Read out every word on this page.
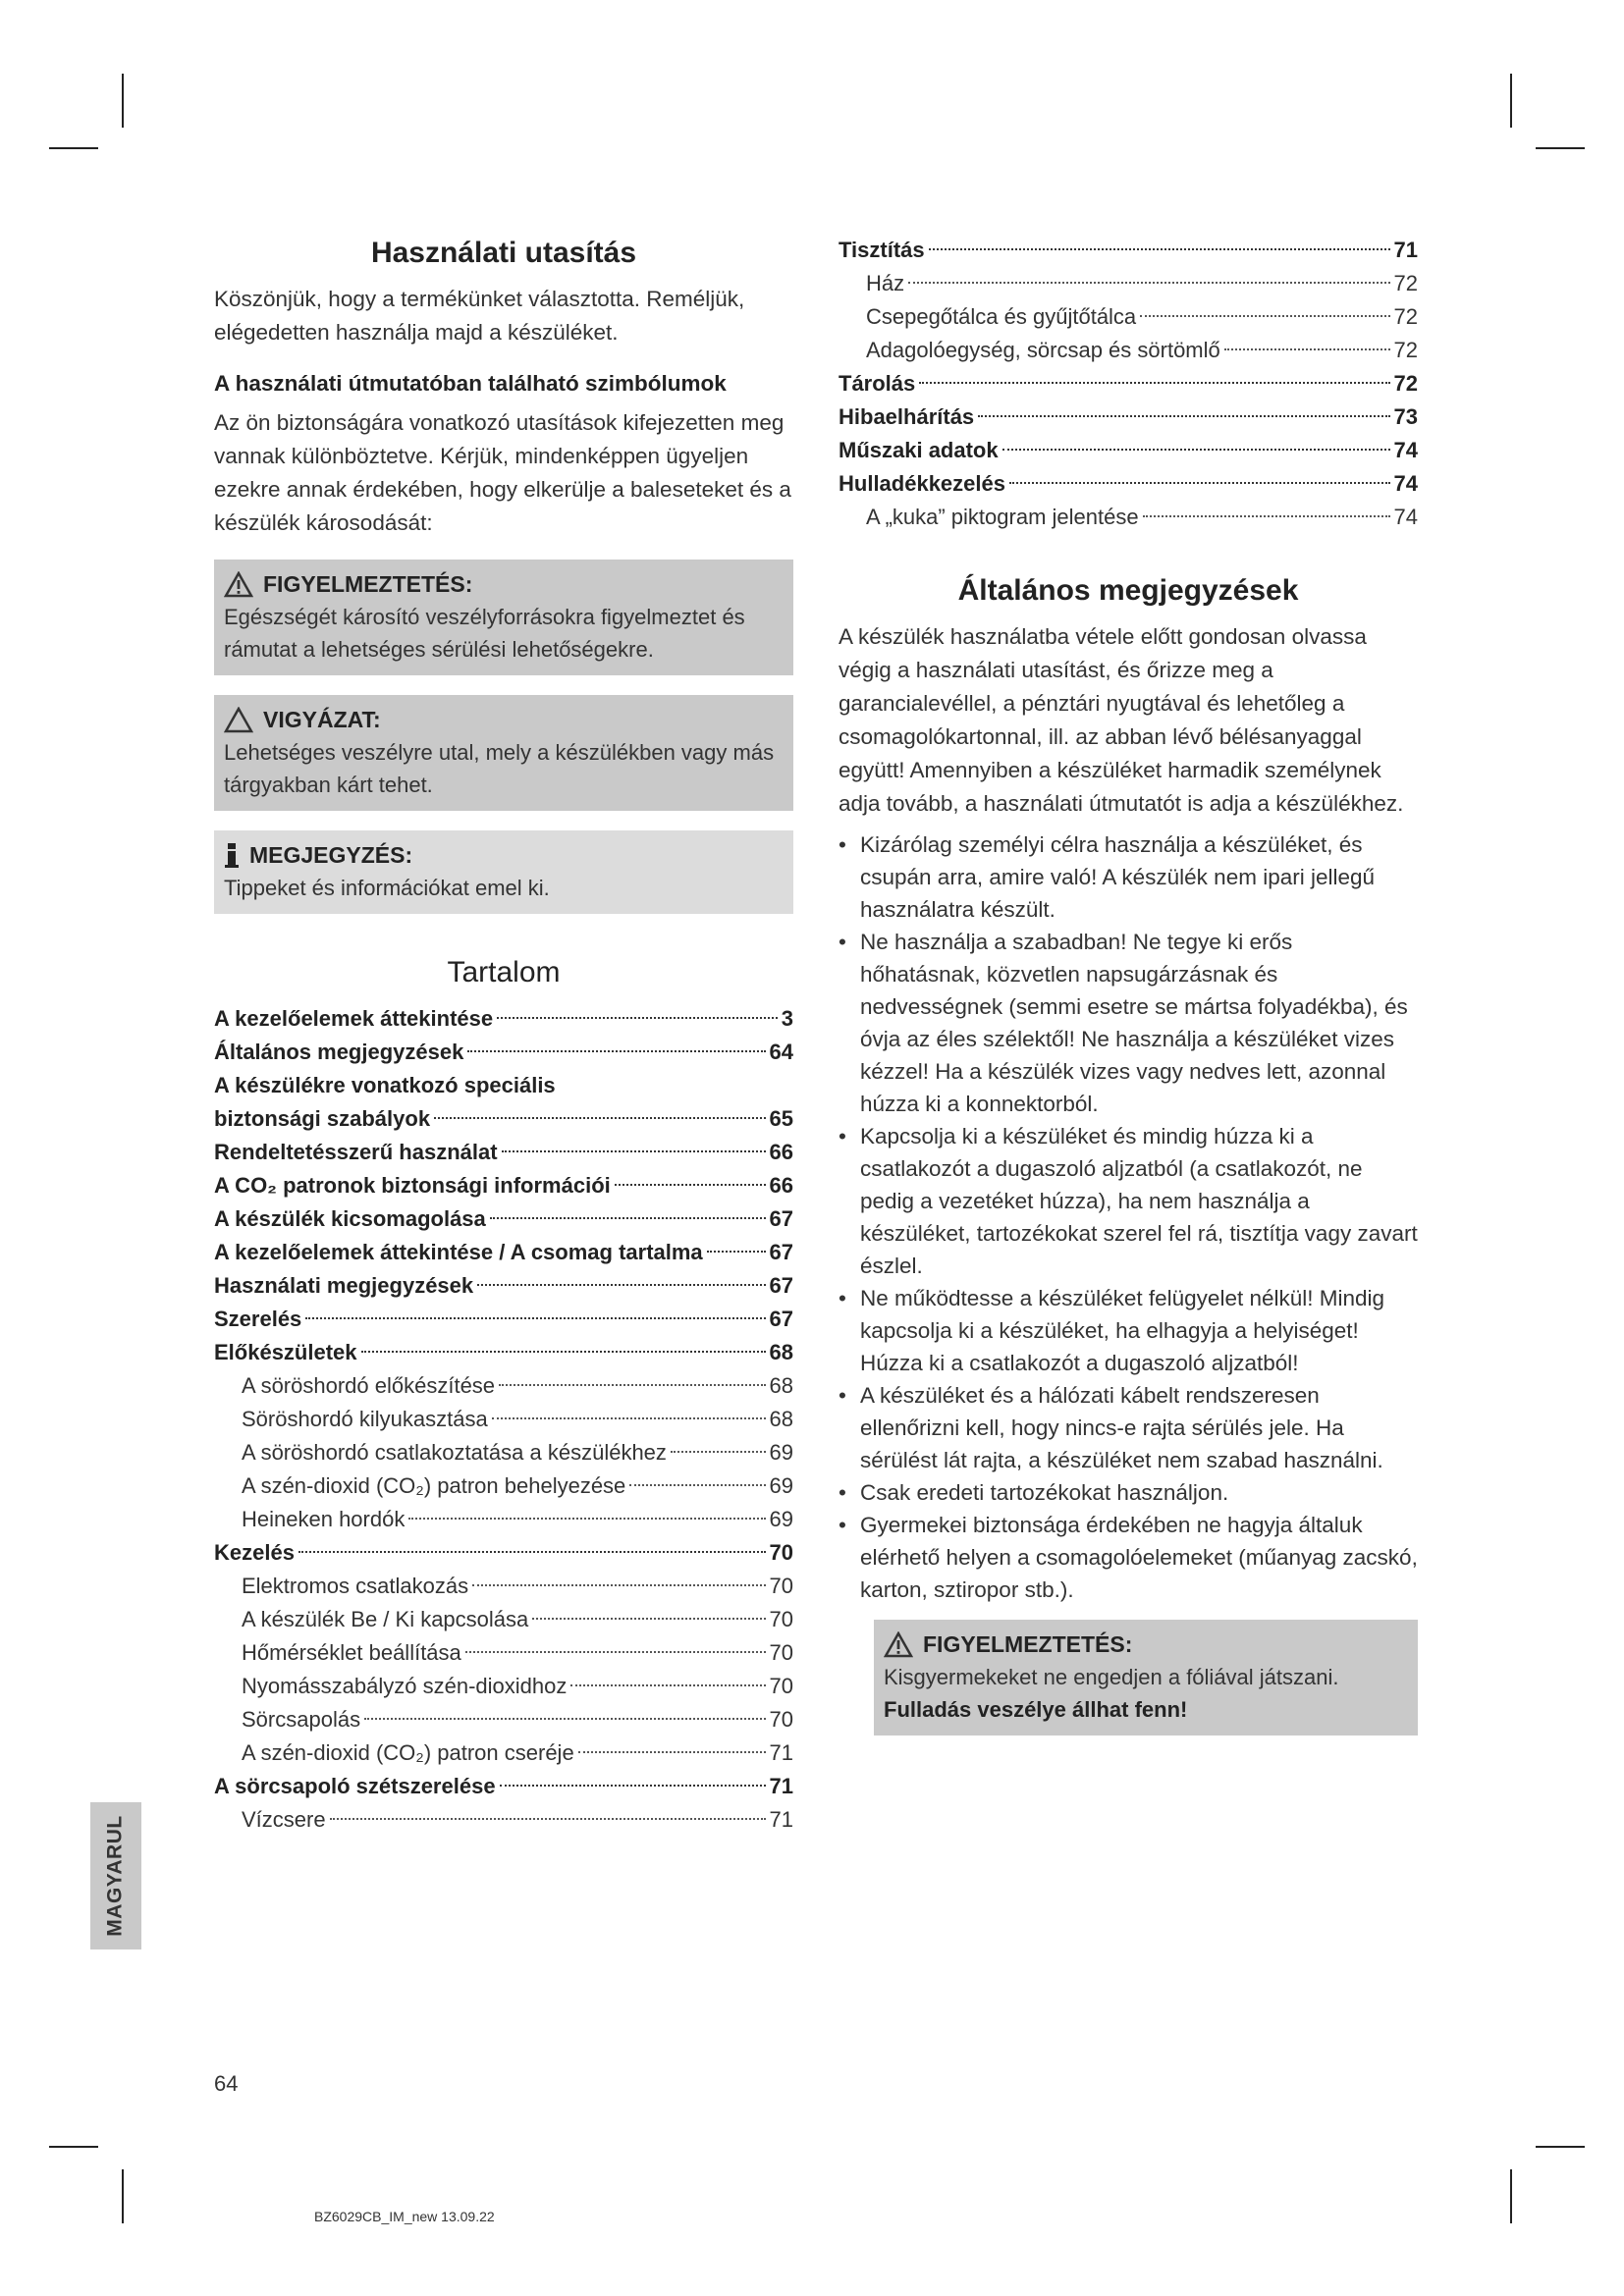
Használati utasítás

Köszönjük, hogy a termékünket választotta. Reméljük, elégedetten használja majd a készüléket.

A használati útmutatóban található szimbólumok

Az ön biztonságára vonatkozó utasítások kifejezetten meg vannak különböztetve. Kérjük, mindenképpen ügyeljen ezekre annak érdekében, hogy elkerülje a baleseteket és a készülék károsodását:

FIGYELMEZTETÉS:
Egészségét károsító veszélyforrásokra figyelmeztet és rámutat a lehetséges sérülési lehetőségekre.
VIGYÁZAT:
Lehetséges veszélyre utal, mely a készülékben vagy más tárgyakban kárt tehet.
MEGJEGYZÉS:
Tippeket és információkat emel ki.
Tartalom
A kezelőelemek áttekintése	3
Általános megjegyzések	64
A készülékre vonatkozó speciális
biztonsági szabályok	65
Rendeltetésszerű használat	66
A CO₂ patronok biztonsági információi	66
A készülék kicsomagolása	67
A kezelőelemek áttekintése / A csomag tartalma	67
Használati megjegyzések	67
Szerelés	67
Előkészületek	68
A söröshordó előkészítése	68
Söröshordó kilyukasztása	68
A söröshordó csatlakoztatása a készülékhez	69
A szén-dioxid (CO₂) patron behelyezése	69
Heineken hordók	69
Kezelés	70
Elektromos csatlakozás	70
A készülék Be / Ki kapcsolása	70
Hőmérséklet beállítása	70
Nyomásszabályzó szén-dioxidhoz	70
Sörcsapolás	70
A szén-dioxid (CO₂) patron cseréje	71
A sörcsapoló szétszerelése	71
Vízcsere	71
Tisztítás	71
Ház	72
Csepegőtálca és gyűjtőtálca	72
Adagolóegység, sörcsap és sörtömlő	72
Tárolás	72
Hibaelhárítás	73
Műszaki adatok	74
Hulladékkezelés	74
A „kuka” piktogram jelentése	74
Általános megjegyzések

A készülék használatba vétele előtt gondosan olvassa végig a használati utasítást, és őrizze meg a garancialevéllel, a pénztári nyugtával és lehetőleg a csomagolókartonnal, ill. az abban lévő bélésanyaggal együtt! Amennyiben a készüléket harmadik személynek adja tovább, a használati útmutatót is adja a készülékhez.

• Kizárólag személyi célra használja a készüléket, és csupán arra, amire való! A készülék nem ipari jellegű használatra készült.
• Ne használja a szabadban! Ne tegye ki erős hőhatásnak, közvetlen napsugárzásnak és nedvességnek (semmi esetre se mártsa folyadékba), és óvja az éles szélektől! Ne használja a készüléket vizes kézzel! Ha a készülék vizes vagy nedves lett, azonnal húzza ki a konnektorból.
• Kapcsolja ki a készüléket és mindig húzza ki a csatlakozót a dugaszoló aljzatból (a csatlakozót, ne pedig a vezetéket húzza), ha nem használja a készüléket, tartozékokat szerel fel rá, tisztítja vagy zavart észlel.
• Ne működtesse a készüléket felügyelet nélkül! Mindig kapcsolja ki a készüléket, ha elhagyja a helyiséget! Húzza ki a csatlakozót a dugaszoló aljzatból!
• A készüléket és a hálózati kábelt rendszeresen ellenőrizni kell, hogy nincs-e rajta sérülés jele. Ha sérülést lát rajta, a készüléket nem szabad használni.
• Csak eredeti tartozékokat használjon.
• Gyermekei biztonsága érdekében ne hagyja általuk elérhető helyen a csomagolóelemeket (műanyag zacskó, karton, sztiropor stb.).
FIGYELMEZTETÉS:
Kisgyermekeket ne engedjen a fóliával játszani.
Fulladás veszélye állhat fenn!
MAGYARUL
64
BZ6029CB_IM_new 13.09.22
